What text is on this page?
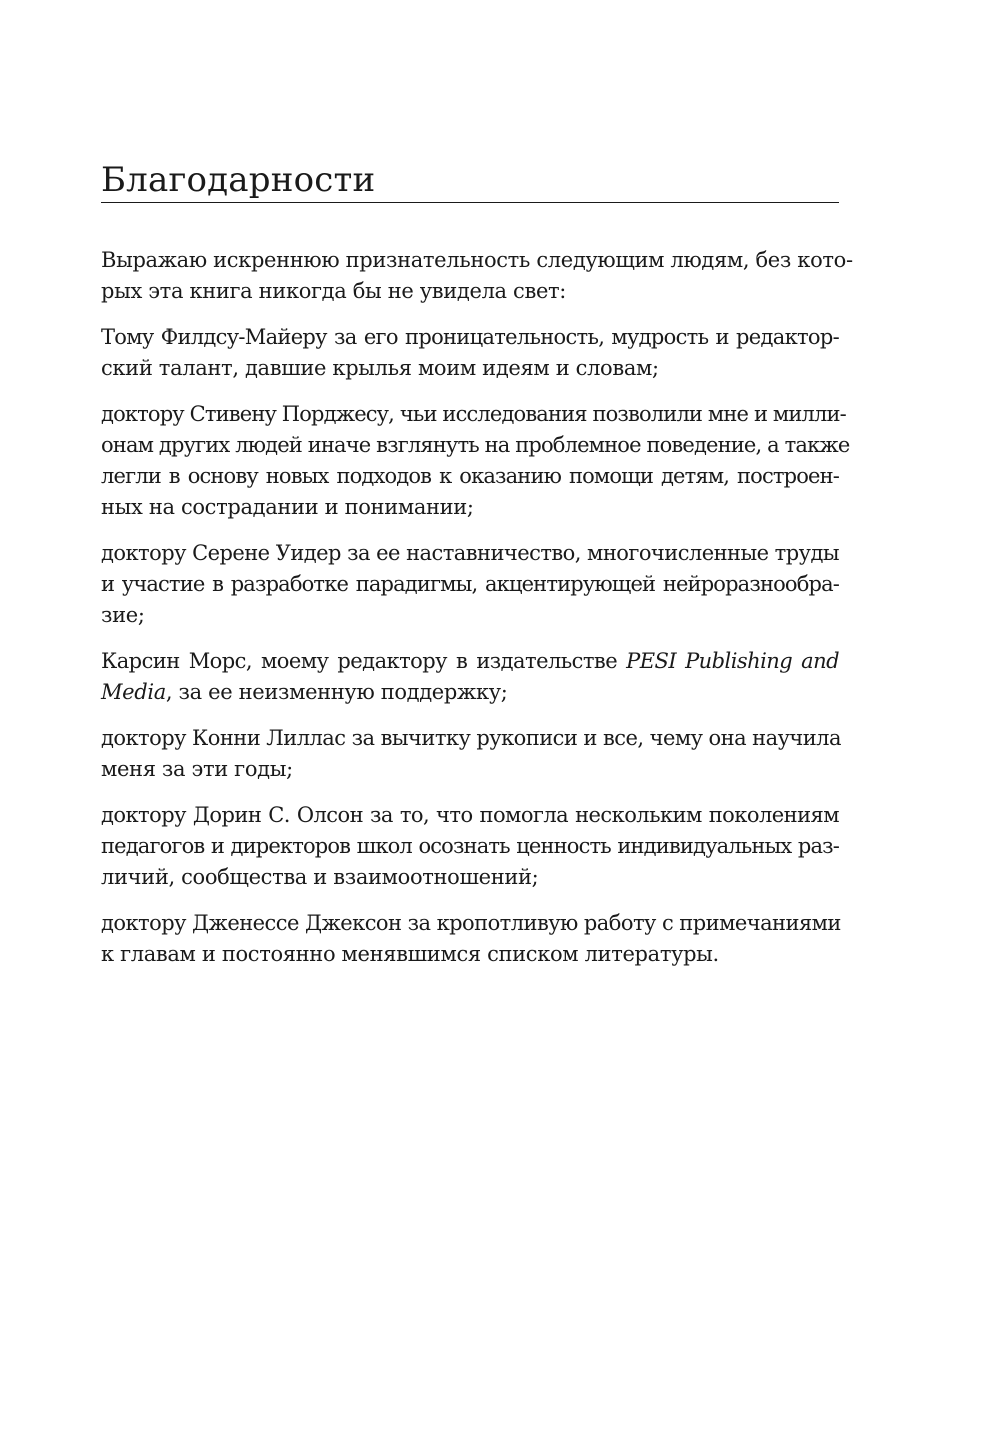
Благодарности

Выражаю искреннюю признательность следующим людям, без кото-
рых эта книга никогда бы не увидела свет:

Тому Филдсу-Майеру за его проницательность, мудрость и редактор-
ский талант, давшие крылья моим идеям и словам;

доктору Стивену Порджесу, чьи исследования позволили мне и милли-
онам других людей иначе взглянуть на проблемное поведение, а также
легли в основу новых подходов к оказанию помощи детям, построен-
ных на сострадании и понимании;

доктору Серене Уидер за ее наставничество, многочисленные труды
и участие в разработке парадигмы, акцентирующей нейроразнообра-
зие;

Карсин Морс, моему редактору в издательстве PESI Publishing and
Media, за ее неизменную поддержку;

доктору Конни Лиллас за вычитку рукописи и все, чему она научила
меня за эти годы;

доктору Дорин С. Олсон за то, что помогла нескольким поколениям
педагогов и директоров школ осознать ценность индивидуальных раз-
личий, сообщества и взаимоотношений;

доктору Дженессе Джексон за кропотливую работу с примечаниями
к главам и постоянно менявшимся списком литературы.
